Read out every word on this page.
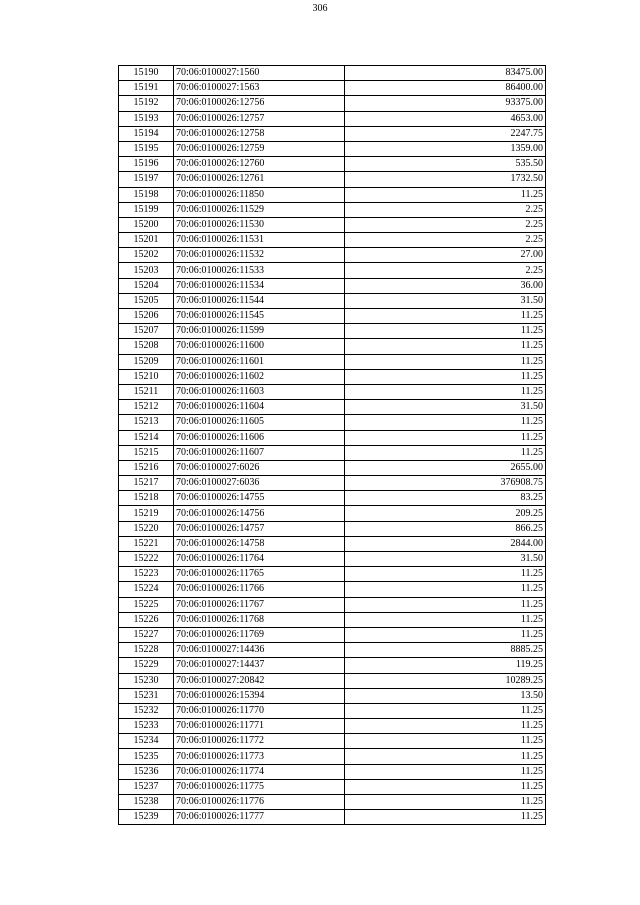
306
15190	70:06:0100027:1560	83475.00
15191	70:06:0100027:1563	86400.00
15192	70:06:0100026:12756	93375.00
15193	70:06:0100026:12757	4653.00
15194	70:06:0100026:12758	2247.75
15195	70:06:0100026:12759	1359.00
15196	70:06:0100026:12760	535.50
15197	70:06:0100026:12761	1732.50
15198	70:06:0100026:11850	11.25
15199	70:06:0100026:11529	2.25
15200	70:06:0100026:11530	2.25
15201	70:06:0100026:11531	2.25
15202	70:06:0100026:11532	27.00
15203	70:06:0100026:11533	2.25
15204	70:06:0100026:11534	36.00
15205	70:06:0100026:11544	31.50
15206	70:06:0100026:11545	11.25
15207	70:06:0100026:11599	11.25
15208	70:06:0100026:11600	11.25
15209	70:06:0100026:11601	11.25
15210	70:06:0100026:11602	11.25
15211	70:06:0100026:11603	11.25
15212	70:06:0100026:11604	31.50
15213	70:06:0100026:11605	11.25
15214	70:06:0100026:11606	11.25
15215	70:06:0100026:11607	11.25
15216	70:06:0100027:6026	2655.00
15217	70:06:0100027:6036	376908.75
15218	70:06:0100026:14755	83.25
15219	70:06:0100026:14756	209.25
15220	70:06:0100026:14757	866.25
15221	70:06:0100026:14758	2844.00
15222	70:06:0100026:11764	31.50
15223	70:06:0100026:11765	11.25
15224	70:06:0100026:11766	11.25
15225	70:06:0100026:11767	11.25
15226	70:06:0100026:11768	11.25
15227	70:06:0100026:11769	11.25
15228	70:06:0100027:14436	8885.25
15229	70:06:0100027:14437	119.25
15230	70:06:0100027:20842	10289.25
15231	70:06:0100026:15394	13.50
15232	70:06:0100026:11770	11.25
15233	70:06:0100026:11771	11.25
15234	70:06:0100026:11772	11.25
15235	70:06:0100026:11773	11.25
15236	70:06:0100026:11774	11.25
15237	70:06:0100026:11775	11.25
15238	70:06:0100026:11776	11.25
15239	70:06:0100026:11777	11.25
